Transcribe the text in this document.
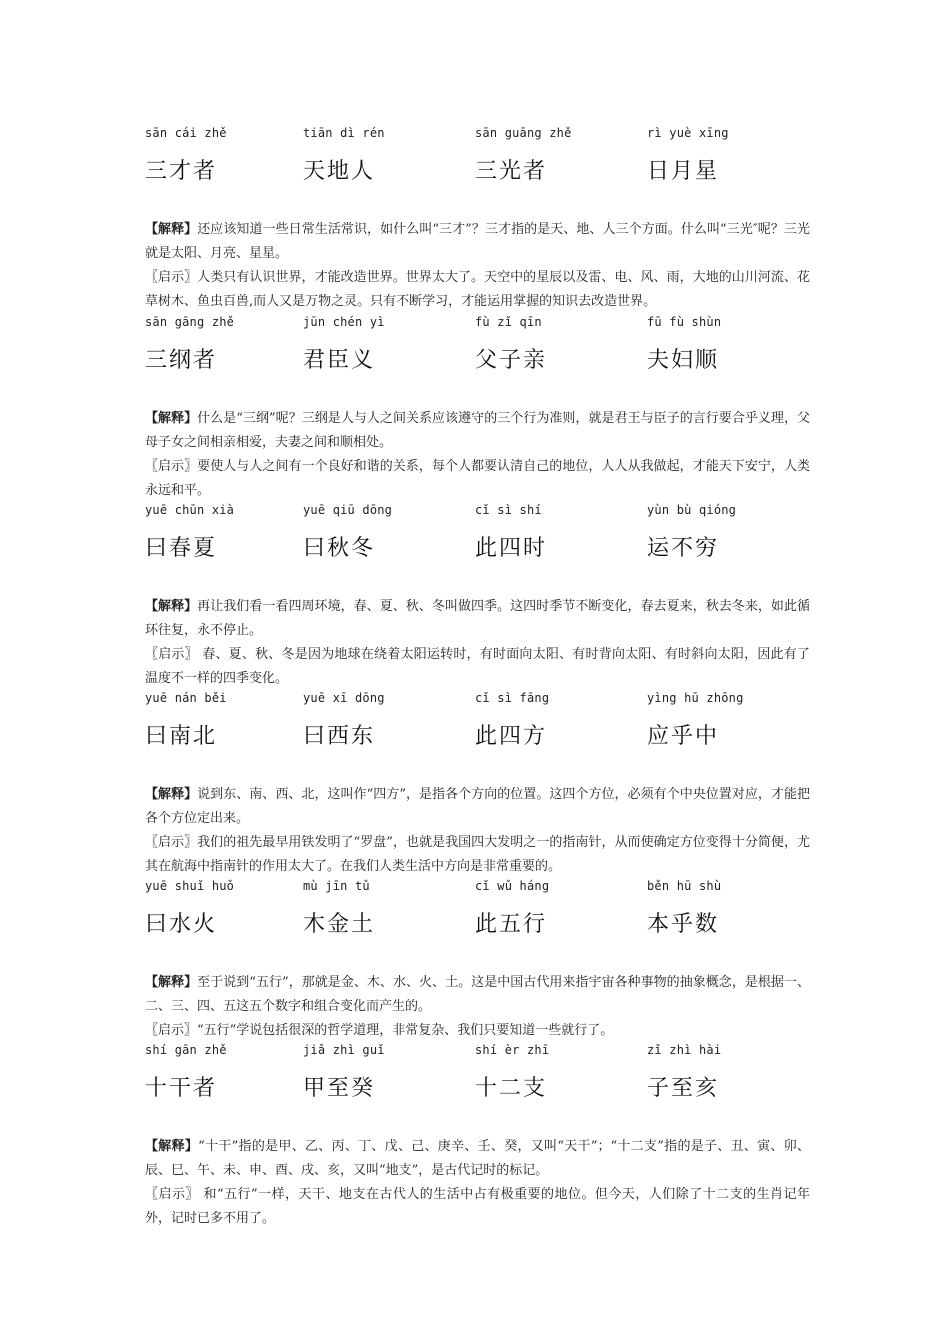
sān cái zhě	tiān dì rén	sān guāng zhě	rì yuè xīng
三才者	天地人	三光者	日月星
【解释】还应该知道一些日常生活常识，如什么叫“三才”？三才指的是天、地、人三个方面。什么叫“三光″呢？三光就是太阳、月亮、星星。
〖启示〗人类只有认识世界，才能改造世界。世界太大了。天空中的星辰以及雷、电、风、雨，大地的山川河流、花草树木、鱼虫百兽,而人又是万物之灵。只有不断学习，才能运用掌握的知识去改造世界。
sān gāng zhě	jūn chén yì	fù zǐ qīn	fū fù shùn
三纲者	君臣义	父子亲	夫妇顺
【解释】什么是“三纲”呢？三纲是人与人之间关系应该遵守的三个行为准则，就是君王与臣子的言行要合乎义理，父母子女之间相亲相爱，夫妻之间和顺相处。
〖启示〗要使人与人之间有一个良好和谐的关系，每个人都要认清自己的地位，人人从我做起，才能天下安宁，人类永远和平。
yuē chūn xià	yuē qiū dōng	cǐ sì shí	yùn bù qióng
曰春夏	曰秋冬	此四时	运不穷
【解释】再让我们看一看四周环境，春、夏、秋、冬叫做四季。这四时季节不断变化，春去夏来，秋去冬来，如此循环往复，永不停止。
〖启示〗 春、夏、秋、冬是因为地球在绕着太阳运转时，有时面向太阳、有时背向太阳、有时斜向太阳，因此有了温度不一样的四季变化。
yuē nán běi	yuē xī dōng	cǐ sì fāng	yìng hū zhōng
曰南北	曰西东	此四方	应乎中
【解释】说到东、南、西、北，这叫作“四方”，是指各个方向的位置。这四个方位，必须有个中央位置对应，才能把各个方位定出来。
〖启示〗我们的祖先最早用铁发明了“罗盘”，也就是我国四大发明之一的指南针，从而使确定方位变得十分简便，尤其在航海中指南针的作用太大了。在我们人类生活中方向是非常重要的。
yuē shuǐ huǒ	mù jīn tǔ	cǐ wǔ háng	běn hū shù
曰水火	木金土	此五行	本乎数
【解释】至于说到“五行”，那就是金、木、水、火、土。这是中国古代用来指宇宙各种事物的抽象概念，是根据一、二、三、四、五这五个数字和组合变化而产生的。
〖启示〗“五行”学说包括很深的哲学道理，非常复杂、我们只要知道一些就行了。
shí gān zhě	jiǎ zhì guǐ	shí èr zhī	zǐ zhì hài
十干者	甲至癸	十二支	子至亥
【解释】“十干”指的是甲、乙、丙、丁、戊、己、庚辛、壬、癸，又叫“天干”；“十二支”指的是子、丑、寅、卯、辰、巳、午、未、申、酉、戌、亥，又叫“地支”，是古代记时的标记。
〖启示〗 和“五行”一样，天干、地支在古代人的生活中占有极重要的地位。但今天，人们除了十二支的生肖记年外，记时已多不用了。
